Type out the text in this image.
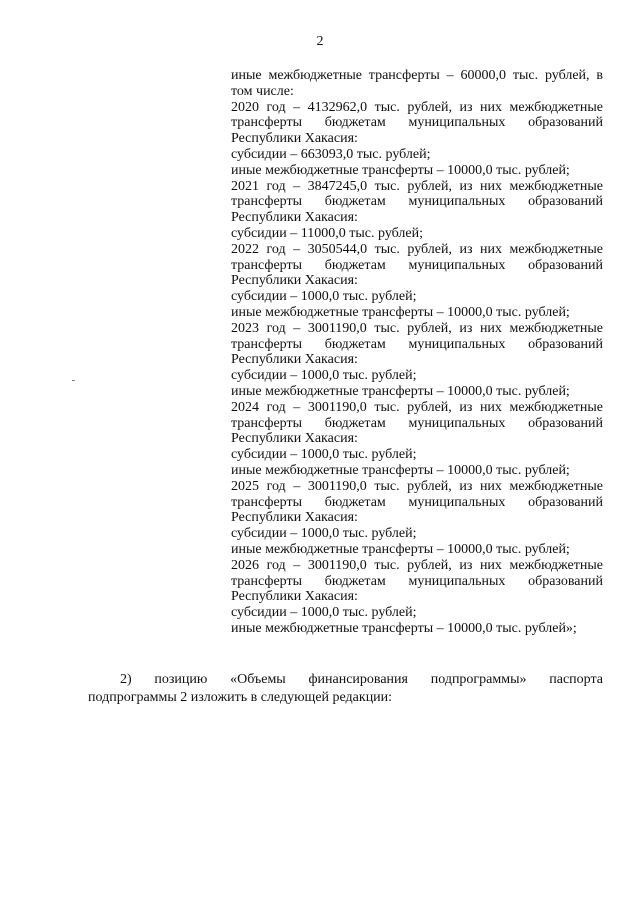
2
иные межбюджетные трансферты – 60000,0 тыс. рублей, в
том числе:
2020 год – 4132962,0 тыс. рублей, из них межбюджетные
трансферты бюджетам муниципальных образований
Республики Хакасия:
субсидии – 663093,0 тыс. рублей;
иные межбюджетные трансферты – 10000,0 тыс. рублей;
2021 год – 3847245,0 тыс. рублей, из них межбюджетные
трансферты бюджетам муниципальных образований
Республики Хакасия:
субсидии – 11000,0 тыс. рублей;
2022 год – 3050544,0 тыс. рублей, из них межбюджетные
трансферты бюджетам муниципальных образований
Республики Хакасия:
субсидии – 1000,0 тыс. рублей;
иные межбюджетные трансферты – 10000,0 тыс. рублей;
2023 год – 3001190,0 тыс. рублей, из них межбюджетные
трансферты бюджетам муниципальных образований
Республики Хакасия:
субсидии – 1000,0 тыс. рублей;
иные межбюджетные трансферты – 10000,0 тыс. рублей;
2024 год – 3001190,0 тыс. рублей, из них межбюджетные
трансферты бюджетам муниципальных образований
Республики Хакасия:
субсидии – 1000,0 тыс. рублей;
иные межбюджетные трансферты – 10000,0 тыс. рублей;
2025 год – 3001190,0 тыс. рублей, из них межбюджетные
трансферты бюджетам муниципальных образований
Республики Хакасия:
субсидии – 1000,0 тыс. рублей;
иные межбюджетные трансферты – 10000,0 тыс. рублей;
2026 год – 3001190,0 тыс. рублей, из них межбюджетные
трансферты бюджетам муниципальных образований
Республики Хакасия:
субсидии – 1000,0 тыс. рублей;
иные межбюджетные трансферты – 10000,0 тыс. рублей»;
2) позицию «Объемы финансирования подпрограммы» паспорта
подпрограммы 2 изложить в следующей редакции:
